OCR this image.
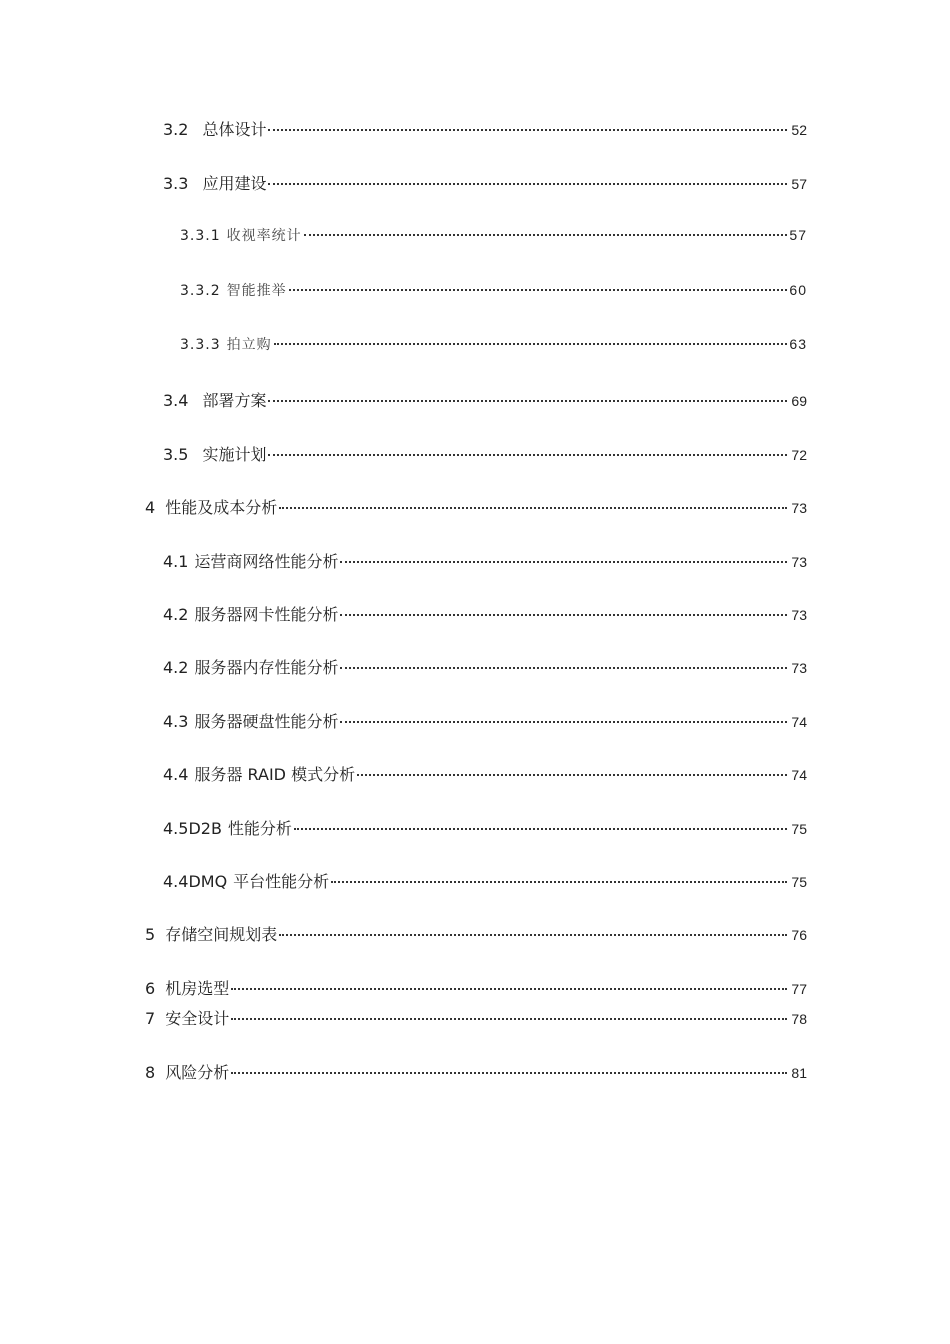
3.2 总体设计	52
3.3 应用建设	57
3.3.1 收视率统计	57
3.3.2 智能推举	60
3.3.3 拍立购	63
3.4 部署方案	69
3.5 实施计划	72
4 性能及成本分析	73
4.1 运营商网络性能分析	73
4.2 服务器网卡性能分析	73
4.2 服务器内存性能分析	73
4.3 服务器硬盘性能分析	74
4.4 服务器 RAID 模式分析	74
4.5D2B 性能分析	75
4.4DMQ 平台性能分析	75
5 存储空间规划表	76
6 机房选型	77
7 安全设计	78
8 风险分析	81
